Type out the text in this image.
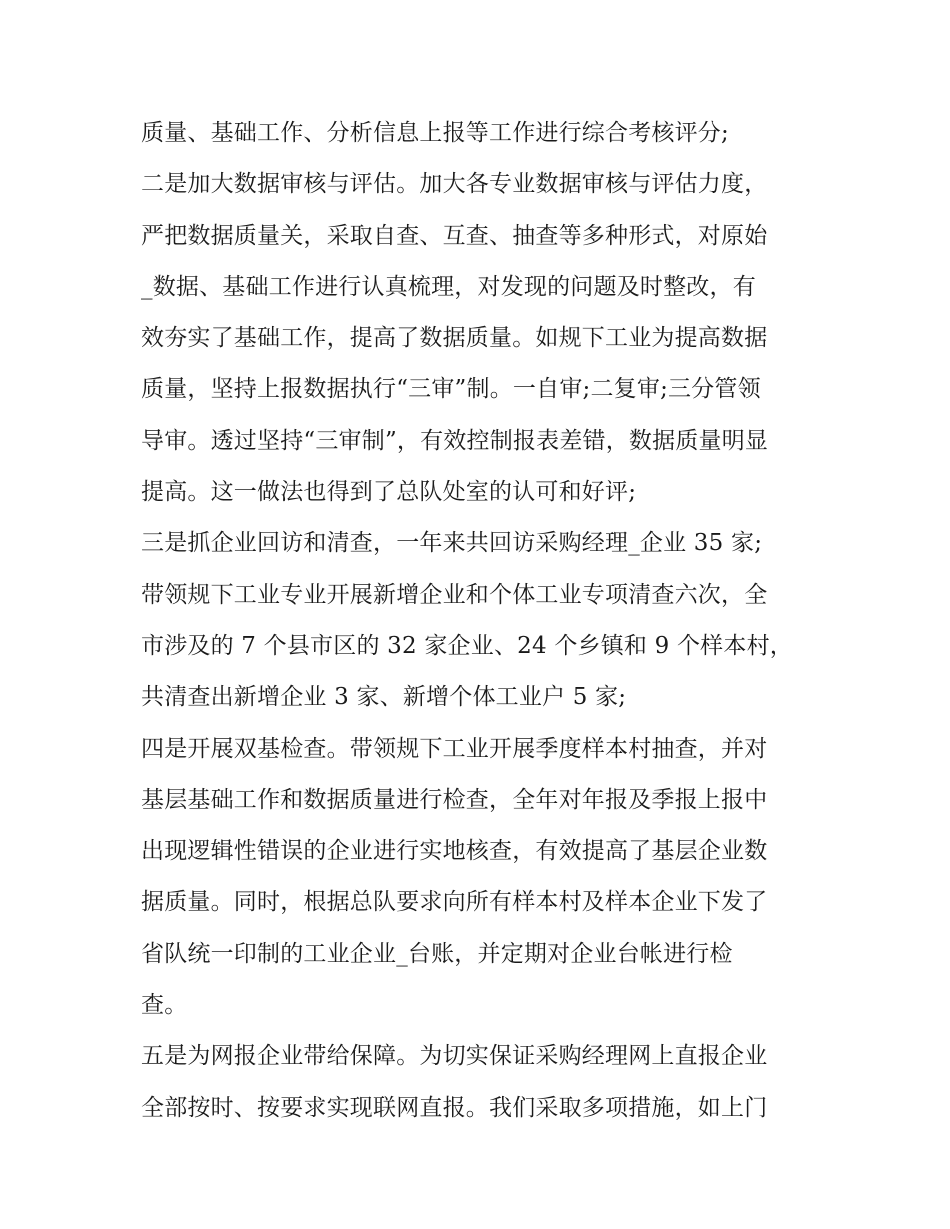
质量、基础工作、分析信息上报等工作进行综合考核评分;
二是加大数据审核与评估。加大各专业数据审核与评估力度，
严把数据质量关，采取自查、互查、抽查等多种形式，对原始
_数据、基础工作进行认真梳理，对发现的问题及时整改，有
效夯实了基础工作，提高了数据质量。如规下工业为提高数据
质量，坚持上报数据执行“三审”制。一自审;二复审;三分管领
导审。透过坚持“三审制”，有效控制报表差错，数据质量明显
提高。这一做法也得到了总队处室的认可和好评;
三是抓企业回访和清查，一年来共回访采购经理_企业 35 家;
带领规下工业专业开展新增企业和个体工业专项清查六次，全
市涉及的 7 个县市区的 32 家企业、24 个乡镇和 9 个样本村，
共清查出新增企业 3 家、新增个体工业户 5 家;
四是开展双基检查。带领规下工业开展季度样本村抽查，并对
基层基础工作和数据质量进行检查，全年对年报及季报上报中
出现逻辑性错误的企业进行实地核查，有效提高了基层企业数
据质量。同时，根据总队要求向所有样本村及样本企业下发了
省队统一印制的工业企业_台账，并定期对企业台帐进行检
查。
五是为网报企业带给保障。为切实保证采购经理网上直报企业
全部按时、按要求实现联网直报。我们采取多项措施，如上门
